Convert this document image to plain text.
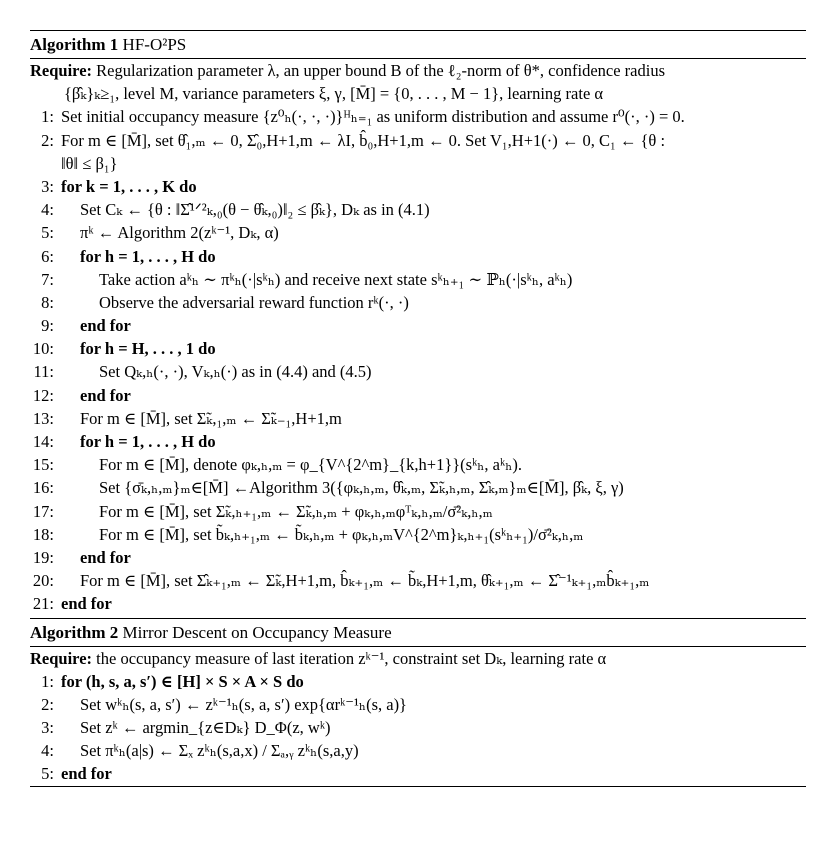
Algorithm 1 HF-O²PS
Require: Regularization parameter λ, an upper bound B of the ℓ₂-norm of θ*, confidence radius
{β̂ₖ}ₖ≥₁, level M, variance parameters ξ, γ, [M̄] = {0, . . . , M − 1}, learning rate α
1: Set initial occupancy measure {z⁰ₕ(·, ·, ·)}ᴴₕ₌₁ as uniform distribution and assume r⁰(·, ·) = 0.
2: For m ∈ [M̄], set θ̂₁,ₘ ← 0, Σ̂₀,H+1,m ← λI, b̂₀,H+1,m ← 0. Set V₁,H+1(·) ← 0, C₁ ← {θ :
‖θ‖ ≤ β₁}
3: for k = 1, . . . , K do
4: Set Cₖ ← {θ : ‖Σ̂¹ᐟ²ₖ,₀(θ − θ̂ₖ,₀)‖₂ ≤ β̂ₖ}, Dₖ as in (4.1)
5: πᵏ ← Algorithm 2(zᵏ⁻¹, Dₖ, α)
6: for h = 1, . . . , H do
7:	Take action aᵏₕ ∼ πᵏₕ(·|sᵏₕ) and receive next state sᵏₕ₊₁ ∼ ℙₕ(·|sᵏₕ, aᵏₕ)
8:	Observe the adversarial reward function rᵏ(·, ·)
9: end for
10: for h = H, . . . , 1 do
11:	Set Qₖ,ₕ(·, ·), Vₖ,ₕ(·) as in (4.4) and (4.5)
12: end for
13: For m ∈ [M̄], set Σ̃ₖ,₁,ₘ ← Σ̃ₖ₋₁,H+1,m
14: for h = 1, . . . , H do
15:	For m ∈ [M̄], denote φₖ,ₕ,ₘ = φ_{V^{2^m}_{k,h+1}}(sᵏₕ, aᵏₕ).
16:	Set {σ̄ₖ,ₕ,ₘ}ₘ∈[M̄] ←Algorithm 3({φₖ,ₕ,ₘ, θ̂ₖ,ₘ, Σ̃ₖ,ₕ,ₘ, Σ̂ₖ,ₘ}ₘ∈[M̄], β̂ₖ, ξ, γ)
17:	For m ∈ [M̄], set Σ̃ₖ,ₕ₊₁,ₘ ← Σ̃ₖ,ₕ,ₘ + φₖ,ₕ,ₘφᵀₖ,ₕ,ₘ/σ̄²ₖ,ₕ,ₘ
18:	For m ∈ [M̄], set b̃ₖ,ₕ₊₁,ₘ ← b̃ₖ,ₕ,ₘ + φₖ,ₕ,ₘV^{2^m}ₖ,ₕ₊₁(sᵏₕ₊₁)/σ̄²ₖ,ₕ,ₘ
19: end for
20: For m ∈ [M̄], set Σ̂ₖ₊₁,ₘ ← Σ̃ₖ,H+1,m, b̂ₖ₊₁,ₘ ← b̃ₖ,H+1,m, θ̂ₖ₊₁,ₘ ← Σ̂⁻¹ₖ₊₁,ₘb̂ₖ₊₁,ₘ
21: end for
Algorithm 2 Mirror Descent on Occupancy Measure
Require: the occupancy measure of last iteration zᵏ⁻¹, constraint set Dₖ, learning rate α
1: for (h, s, a, s′) ∈ [H] × S × A × S do
2: Set wᵏₕ(s, a, s′) ← zᵏ⁻¹ₕ(s, a, s′) exp{αrᵏ⁻¹ₕ(s, a)}
3: Set zᵏ ← argmin_{z∈Dₖ} D_Φ(z, wᵏ)
4: Set πᵏₕ(a|s) ← Σₓ zᵏₕ(s,a,x) / Σₐ,ᵧ zᵏₕ(s,a,y)
5: end for
